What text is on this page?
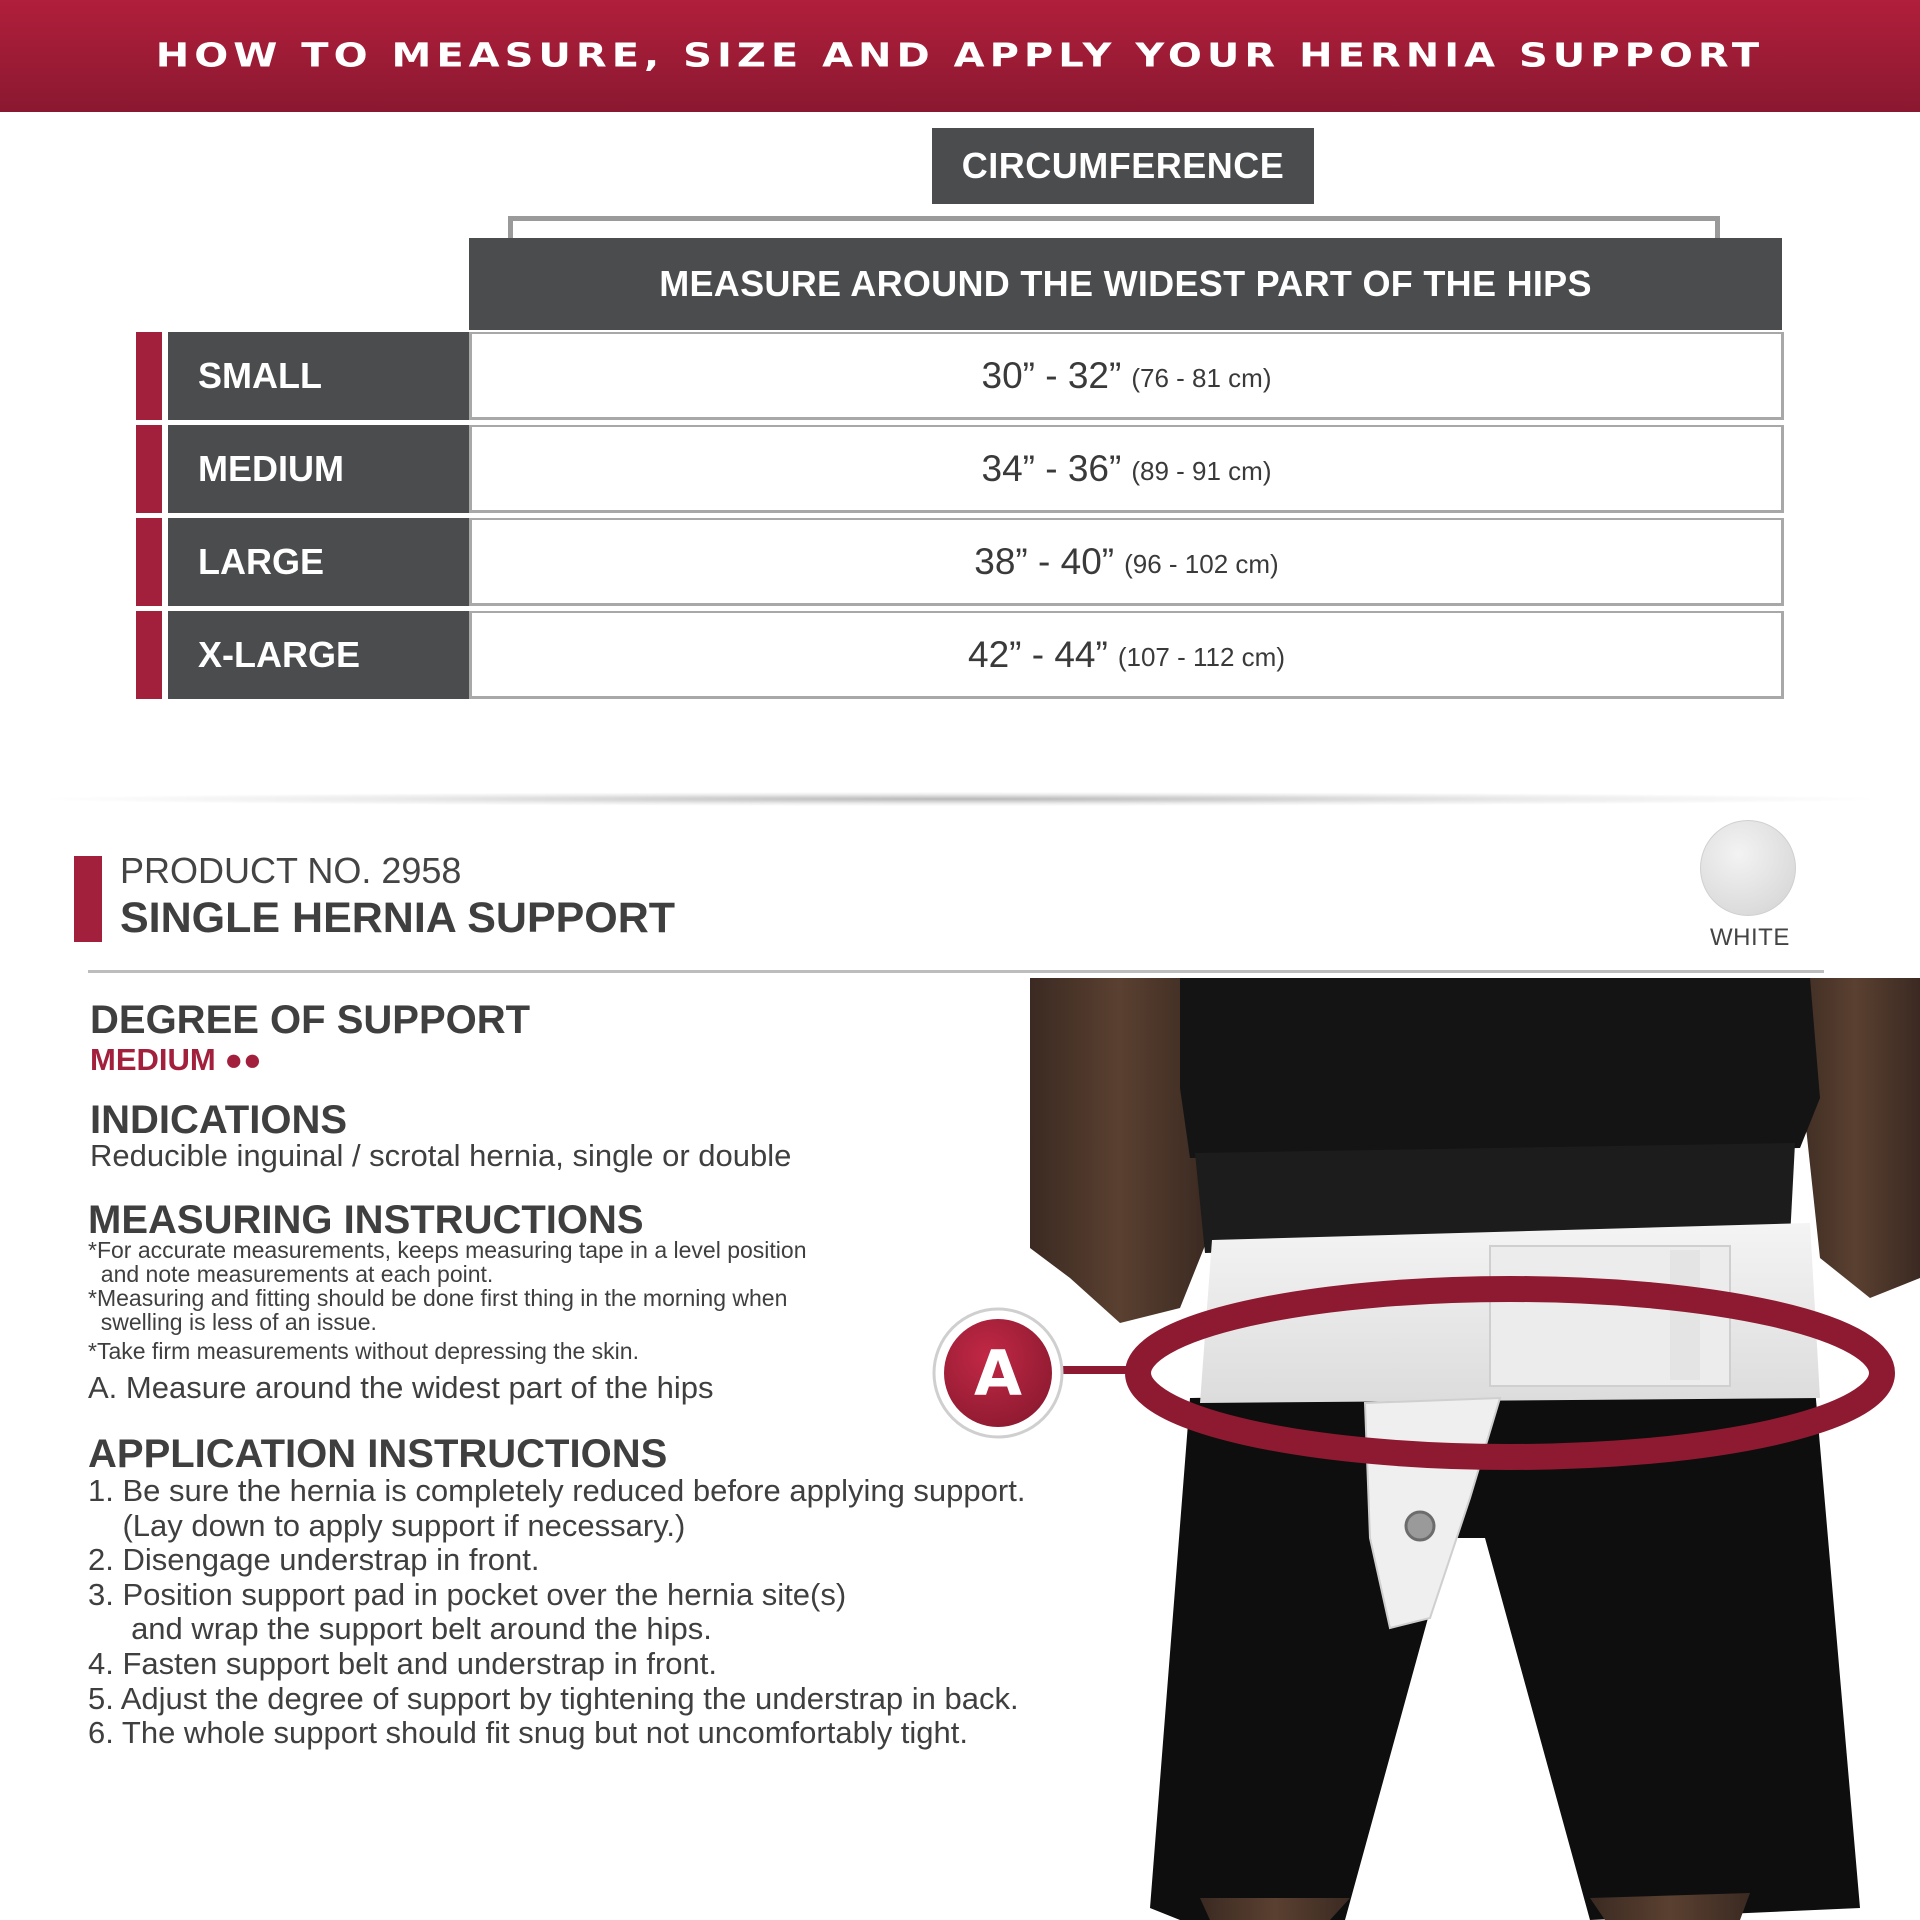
HOW TO MEASURE, SIZE AND APPLY YOUR HERNIA SUPPORT
CIRCUMFERENCE
MEASURE AROUND THE WIDEST PART OF THE HIPS
SMALL	30” - 32” (76 - 81 cm)
MEDIUM	34” - 36” (89 - 91 cm)
LARGE	38” - 40” (96 - 102 cm)
X-LARGE	42” - 44” (107 - 112 cm)
PRODUCT NO. 2958
SINGLE HERNIA SUPPORT	WHITE
DEGREE OF SUPPORT
MEDIUM ●●
INDICATIONS
Reducible inguinal / scrotal hernia, single or double
MEASURING INSTRUCTIONS
*For accurate measurements, keeps measuring tape in a level position
and note measurements at each point.
*Measuring and fitting should be done first thing in the morning when
swelling is less of an issue.
*Take firm measurements without depressing the skin.
A. Measure around the widest part of the hips
APPLICATION INSTRUCTIONS
1. Be sure the hernia is completely reduced before applying support.
(Lay down to apply support if necessary.)
2. Disengage understrap in front.
3. Position support pad in pocket over the hernia site(s)
and wrap the support belt around the hips.
4. Fasten support belt and understrap in front.
5. Adjust the degree of support by tightening the understrap in back.
6. The whole support should fit snug but not uncomfortably tight.
A
